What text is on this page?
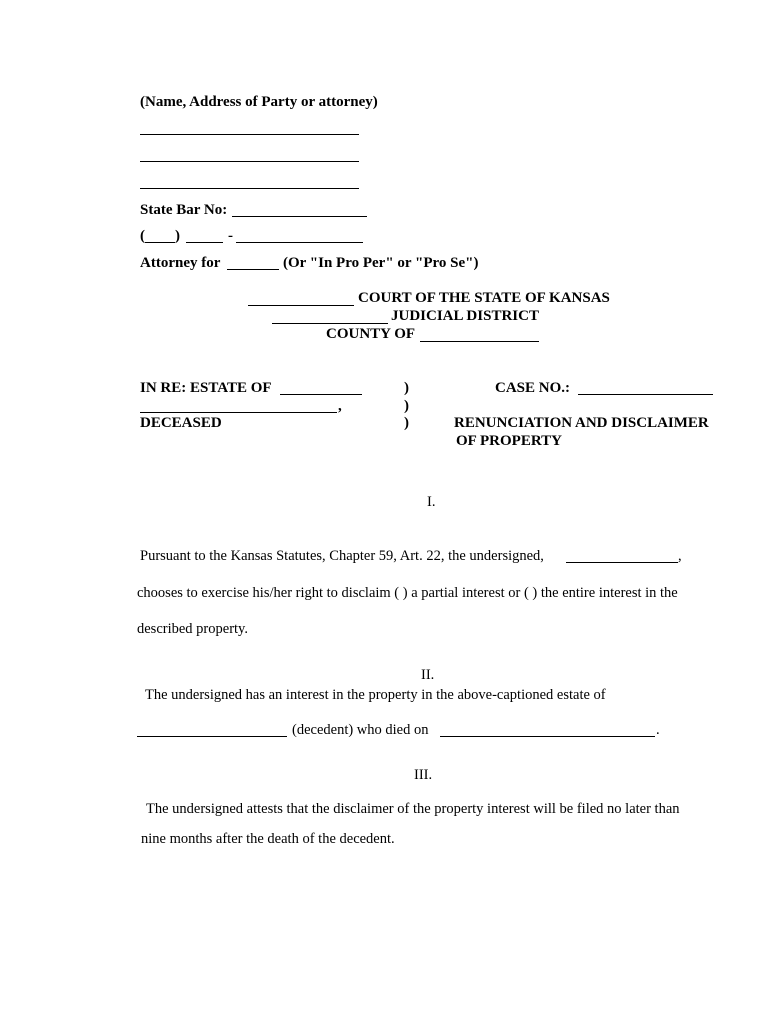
(Name, Address of Party or attorney)
State Bar No:
( )	-
Attorney for	(Or "In Pro Per" or "Pro Se")
COURT OF THE STATE OF KANSAS
JUDICIAL DISTRICT
COUNTY OF
IN RE: ESTATE OF
,
DECEASED
)
)
)
CASE NO.:
RENUNCIATION AND DISCLAIMER
OF PROPERTY
I.
Pursuant to the Kansas Statutes, Chapter 59, Art. 22, the undersigned,	,
chooses to exercise his/her right to disclaim ( ) a partial interest or ( ) the entire interest in the
described property.
II.
The undersigned has an interest in the property in the above-captioned estate of
(decedent) who died on	.
III.
The undersigned attests that the disclaimer of the property interest will be filed no later than
nine months after the death of the decedent.
